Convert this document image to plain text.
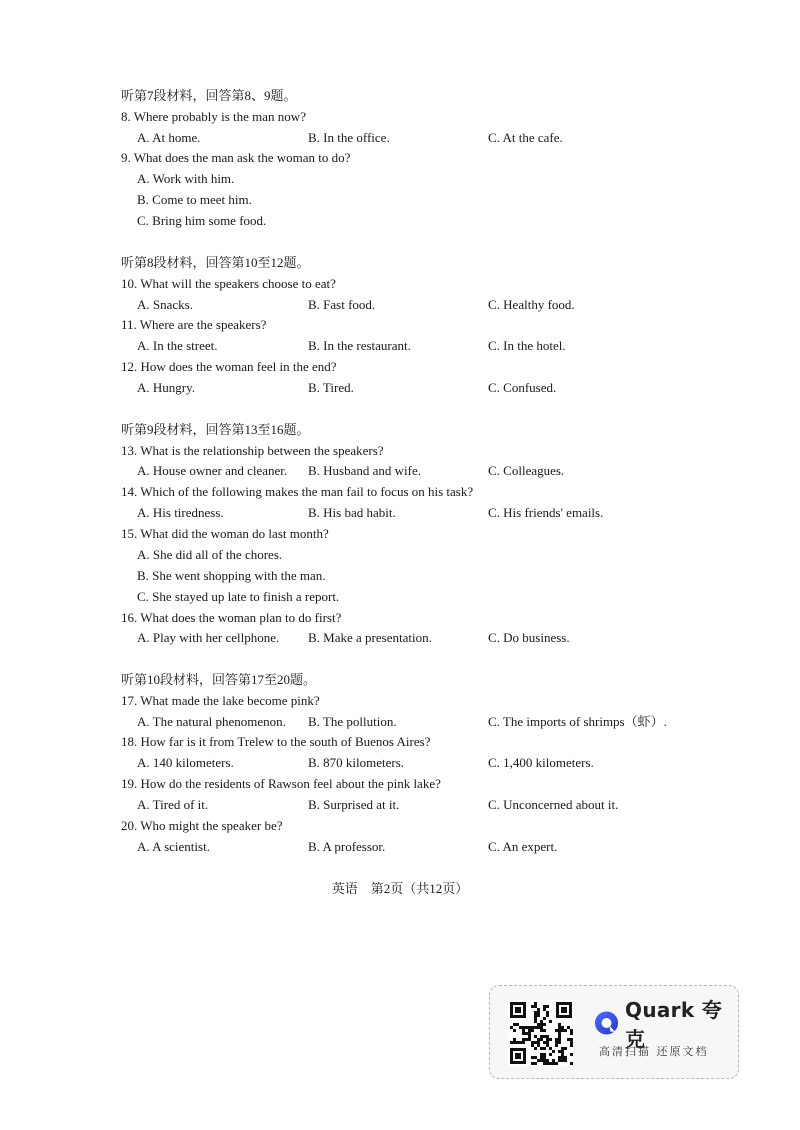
听第7段材料，回答第8、9题。
8. Where probably is the man now?
A. At home.	B. In the office.	C. At the cafe.
9. What does the man ask the woman to do?
A. Work with him.
B. Come to meet him.
C. Bring him some food.
听第8段材料，回答第10至12题。
10. What will the speakers choose to eat?
A. Snacks.	B. Fast food.	C. Healthy food.
11. Where are the speakers?
A. In the street.	B. In the restaurant.	C. In the hotel.
12. How does the woman feel in the end?
A. Hungry.	B. Tired.	C. Confused.
听第9段材料，回答第13至16题。
13. What is the relationship between the speakers?
A. House owner and cleaner. B. Husband and wife.	C. Colleagues.
14. Which of the following makes the man fail to focus on his task?
A. His tiredness.	B. His bad habit.	C. His friends' emails.
15. What did the woman do last month?
A. She did all of the chores.
B. She went shopping with the man.
C. She stayed up late to finish a report.
16. What does the woman plan to do first?
A. Play with her cellphone. B. Make a presentation.	C. Do business.
听第10段材料，回答第17至20题。
17. What made the lake become pink?
A. The natural phenomenon. B. The pollution.	C. The imports of shrimps（虾）.
18. How far is it from Trelew to the south of Buenos Aires?
A. 140 kilometers.	B. 870 kilometers.	C. 1,400 kilometers.
19. How do the residents of Rawson feel about the pink lake?
A. Tired of it.	B. Surprised at it.	C. Unconcerned about it.
20. Who might the speaker be?
A. A scientist.	B. A professor.	C. An expert.
英语　第2页（共12页）
Quark 夸克
高清扫描 还原文档
